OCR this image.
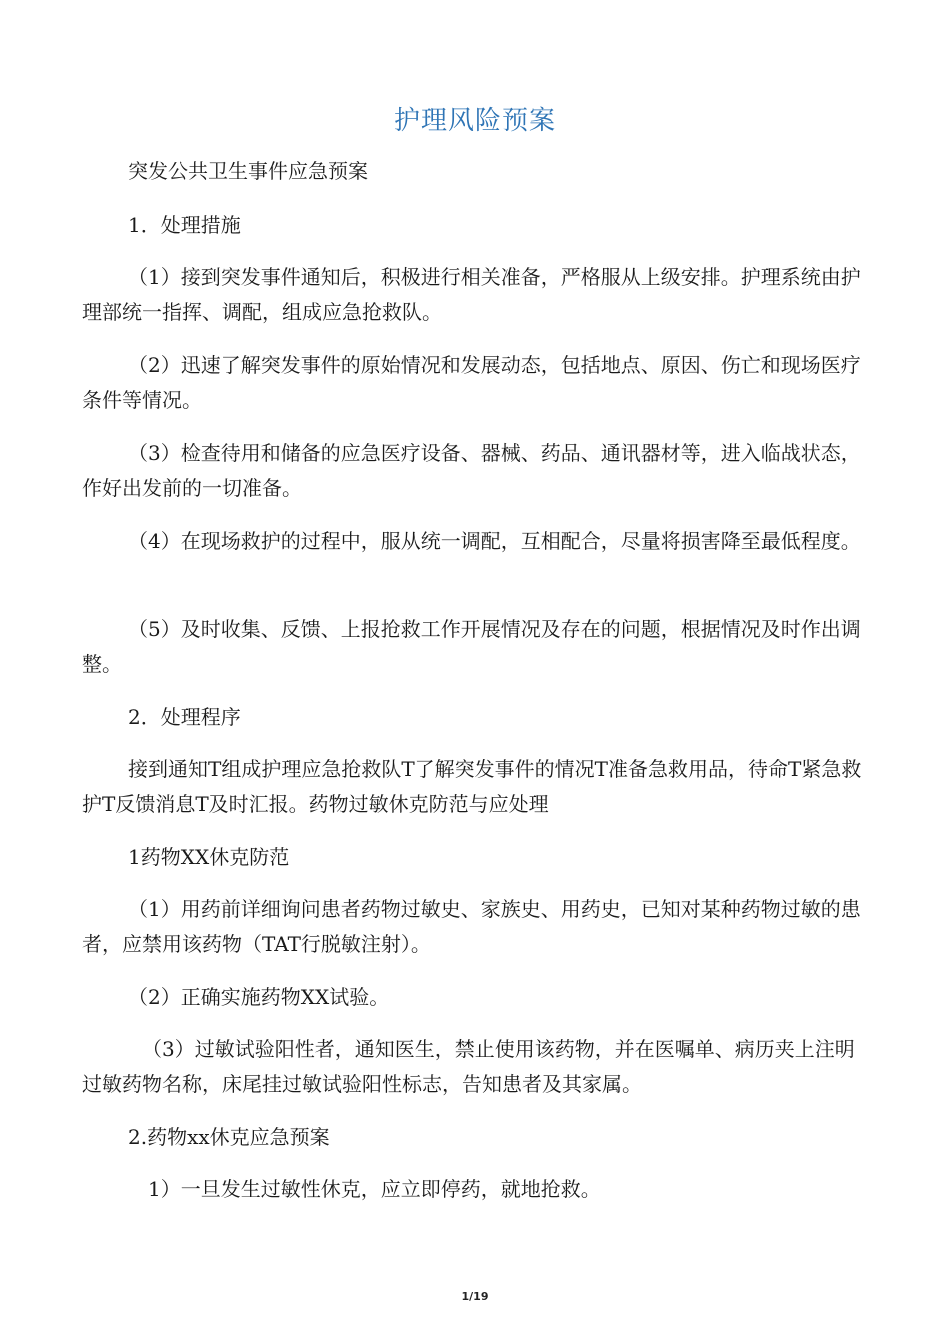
护理风险预案

突发公共卫生事件应急预案

1．处理措施

（1）接到突发事件通知后，积极进行相关准备，严格服从上级安排。护理系统由护理部统一指挥、调配，组成应急抢救队。

（2）迅速了解突发事件的原始情况和发展动态，包括地点、原因、伤亡和现场医疗条件等情况。

（3）检查待用和储备的应急医疗设备、器械、药品、通讯器材等，进入临战状态，作好出发前的一切准备。

（4）在现场救护的过程中，服从统一调配，互相配合，尽量将损害降至最低程度。

（5）及时收集、反馈、上报抢救工作开展情况及存在的问题，根据情况及时作出调整。

2．处理程序

接到通知T组成护理应急抢救队T了解突发事件的情况T准备急救用品，待命T紧急救护T反馈消息T及时汇报。药物过敏休克防范与应处理

1药物XX休克防范

（1）用药前详细询问患者药物过敏史、家族史、用药史，已知对某种药物过敏的患者，应禁用该药物（TAT行脱敏注射）。

（2）正确实施药物XX试验。

（3）过敏试验阳性者，通知医生，禁止使用该药物，并在医嘱单、病历夹上注明过敏药物名称，床尾挂过敏试验阳性标志，告知患者及其家属。

2.药物xx休克应急预案

1）一旦发生过敏性休克，应立即停药，就地抢救。

1/19
